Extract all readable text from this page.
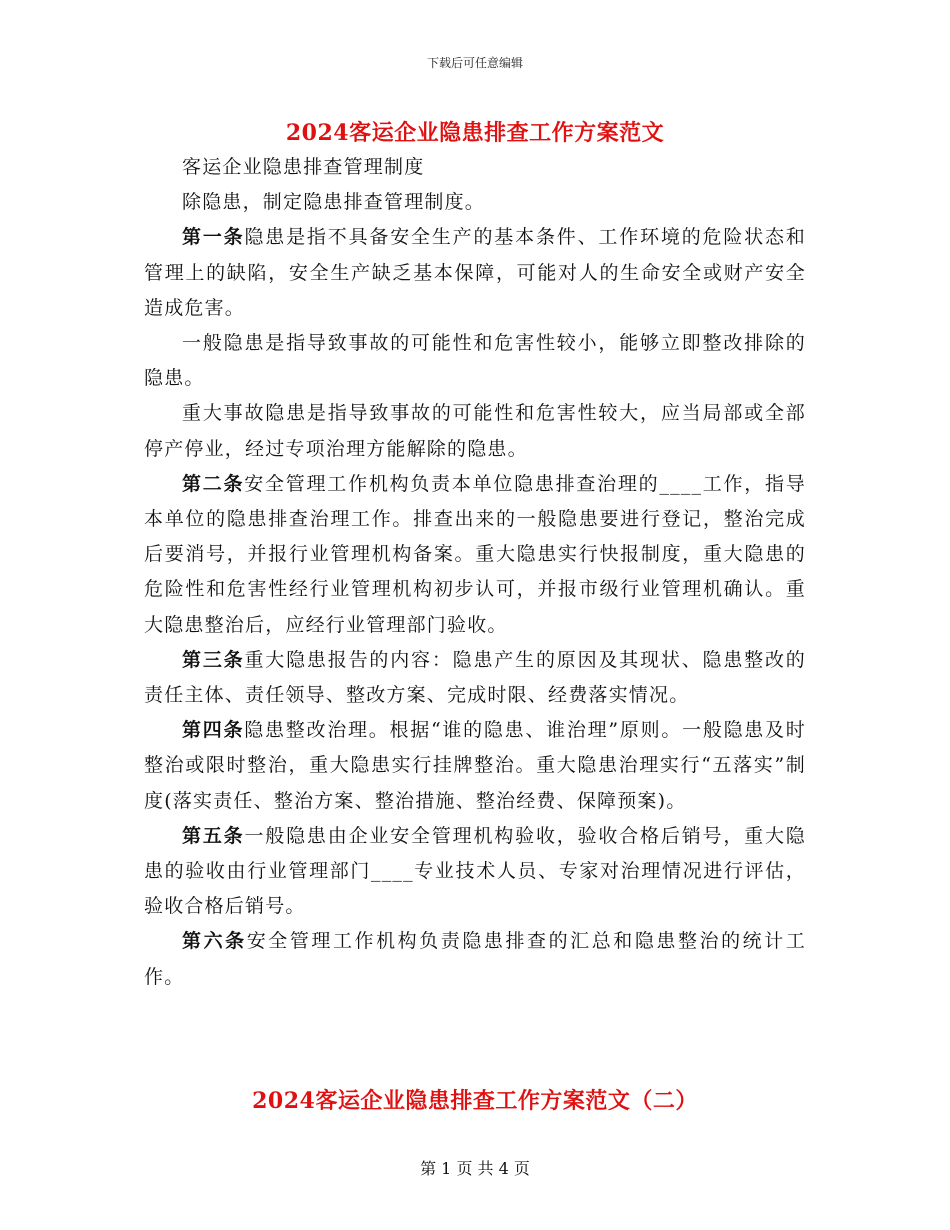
下载后可任意编辑
2024客运企业隐患排查工作方案范文

客运企业隐患排查管理制度

除隐患，制定隐患排查管理制度。

第一条隐患是指不具备安全生产的基本条件、工作环境的危险状态和管理上的缺陷，安全生产缺乏基本保障，可能对人的生命安全或财产安全造成危害。

一般隐患是指导致事故的可能性和危害性较小，能够立即整改排除的隐患。

重大事故隐患是指导致事故的可能性和危害性较大，应当局部或全部停产停业，经过专项治理方能解除的隐患。

第二条安全管理工作机构负责本单位隐患排查治理的____工作，指导本单位的隐患排查治理工作。排查出来的一般隐患要进行登记，整治完成后要消号，并报行业管理机构备案。重大隐患实行快报制度，重大隐患的危险性和危害性经行业管理机构初步认可，并报市级行业管理机确认。重大隐患整治后，应经行业管理部门验收。

第三条重大隐患报告的内容：隐患产生的原因及其现状、隐患整改的责任主体、责任领导、整改方案、完成时限、经费落实情况。

第四条隐患整改治理。根据“谁的隐患、谁治理”原则。一般隐患及时整治或限时整治，重大隐患实行挂牌整治。重大隐患治理实行“五落实”制度(落实责任、整治方案、整治措施、整治经费、保障预案)。

第五条一般隐患由企业安全管理机构验收，验收合格后销号，重大隐患的验收由行业管理部门____专业技术人员、专家对治理情况进行评估，验收合格后销号。

第六条安全管理工作机构负责隐患排查的汇总和隐患整治的统计工作。

2024客运企业隐患排查工作方案范文（二）
第 1 页 共 4 页
